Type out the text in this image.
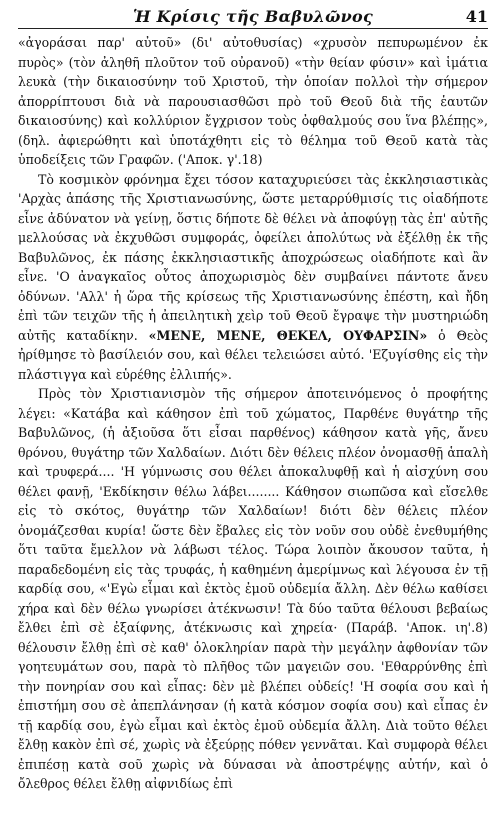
Ἡ Κρίσις τῆς Βαβυλῶνος	41

«ἀγοράσαι παρ' αὐτοῦ» (δι' αὐτοθυσίας) «χρυσὸν πεπυρωμένον ἐκ πυρὸς» (τὸν ἀληθῆ πλοῦτον τοῦ οὐρανοῦ) «τὴν θείαν φύσιν» καὶ ἱμάτια λευκὰ (τὴν δικαιοσύνην τοῦ Χριστοῦ, τὴν ὁποίαν πολλοὶ τὴν σήμερον ἀπορρίπτουσι διὰ νὰ παρουσιασθῶσι πρὸ τοῦ Θεοῦ διὰ τῆς ἑαυτῶν δικαιοσύνης) καὶ κολλύριον ἔγχρισον τοὺς ὀφθαλμούς σου ἵνα βλέπῃς», (δηλ. ἀφιερώθητι καὶ ὑποτάχθητι εἰς τὸ θέλημα τοῦ Θεοῦ κατὰ τὰς ὑποδείξεις τῶν Γραφῶν. ('Αποκ. γ'.18)

Τὸ κοσμικὸν φρόνημα ἔχει τόσον καταχυριεύσει τὰς ἐκκλησιαστικὰς 'Αρχὰς ἁπάσης τῆς Χριστιανωσύνης, ὥστε μεταρρύθμισίς τις οἱαδήποτε εἶνε ἀδύνατον νὰ γείνῃ, ὅστις δήποτε δὲ θέλει νὰ ἀποφύγῃ τὰς ἐπ' αὐτῆς μελλούσας νὰ ἐκχυθῶσι συμφοράς, ὀφείλει ἀπολύτως νὰ ἐξέλθῃ ἐκ τῆς Βαβυλῶνος, ἐκ πάσης ἐκκλησιαστικῆς ἀποχρώσεως οἱαδήποτε καὶ ἂν εἶνε. 'Ο ἀναγκαῖος οὗτος ἀποχωρισμὸς δὲν συμβαίνει πάντοτε ἄνευ ὀδύνων. 'Αλλ' ἡ ὥρα τῆς κρίσεως τῆς Χριστιανωσύνης ἐπέστη, καὶ ἤδη ἐπὶ τῶν τειχῶν τῆς ἡ ἀπειλητικὴ χεὶρ τοῦ Θεοῦ ἔγραψε τὴν μυστηριώδη αὐτῆς καταδίκην. «ΜΕΝΕ, ΜΕΝΕ, ΘΕΚΕΛ, ΟΥΦΑΡΣΙΝ» ὁ Θεὸς ἠρίθμησε τὸ βασίλειόν σου, καὶ θέλει τελειώσει αὐτό. 'Εζυγίσθης εἰς τὴν πλάστιγγα καὶ εὑρέθης ἐλλιπής».

Πρὸς τὸν Χριστιανισμὸν τῆς σήμερον ἀποτεινόμενος ὁ προφήτης λέγει: «Κατάβα καὶ κάθησον ἐπὶ τοῦ χώματος, Παρθένε θυγάτηρ τῆς Βαβυλῶνος, (ἡ ἀξιοῦσα ὅτι εἶσαι παρθένος) κάθησον κατὰ γῆς, ἄνευ θρόνου, θυγάτηρ τῶν Χαλδαίων. Διότι δὲν θέλεις πλέον ὀνομασθῇ ἁπαλὴ καὶ τρυφερά.... 'Η γύμνωσις σου θέλει ἀποκαλυφθῇ καὶ ἡ αἰσχύνη σου θέλει φανῇ, 'Εκδίκησιν θέλω λάβει........ Κάθησον σιωπῶσα καὶ εἴσελθε εἰς τὸ σκότος, θυγάτηρ τῶν Χαλδαίων! διότι δὲν θέλεις πλέον ὀνομάζεσθαι κυρία! ὥστε δὲν ἔβαλες εἰς τὸν νοῦν σου οὐδὲ ἐνεθυμήθης ὅτι ταῦτα ἔμελλον νὰ λάβωσι τέλος. Τώρα λοιπὸν ἄκουσον ταῦτα, ἡ παραδεδομένη εἰς τὰς τρυφάς, ἡ καθημένη ἀμερίμνως καὶ λέγουσα ἐν τῇ καρδίᾳ σου, «'Εγὼ εἶμαι καὶ ἐκτὸς ἐμοῦ οὐδεμία ἄλλη. Δὲν θέλω καθίσει χήρα καὶ δὲν θέλω γνωρίσει ἀτέκνωσιν! Τὰ δύο ταῦτα θέλουσι βεβαίως ἔλθει ἐπὶ σὲ ἐξαίφνης, ἀτέκνωσις καὶ χηρεία· (Παράβ. 'Αποκ. ιη'.8) θέλουσιν ἔλθῃ ἐπὶ σὲ καθ' ὁλοκληρίαν παρὰ τὴν μεγάλην ἀφθονίαν τῶν γοητευμάτων σου, παρὰ τὸ πλῆθος τῶν μαγειῶν σου. 'Εθαρρύνθης ἐπὶ τὴν πονηρίαν σου καὶ εἶπας: δὲν μὲ βλέπει οὐδείς! 'Η σοφία σου καὶ ἡ ἐπιστήμη σου σὲ ἀπεπλάνησαν (ἡ κατὰ κόσμον σοφία σου) καὶ εἶπας ἐν τῇ καρδίᾳ σου, ἐγὼ εἶμαι καὶ ἐκτὸς ἐμοῦ οὐδεμία ἄλλη. Διὰ τοῦτο θέλει ἔλθῃ κακὸν ἐπὶ σέ, χωρὶς νὰ ἐξεύρῃς πόθεν γεννᾶται. Καὶ συμφορὰ θέλει ἐπιπέσῃ κατὰ σοῦ χωρὶς νὰ δύνασαι νὰ ἀποστρέψῃς αὐτήν, καὶ ὁ ὄλεθρος θέλει ἔλθῃ αἰφνιδίως ἐπὶ
